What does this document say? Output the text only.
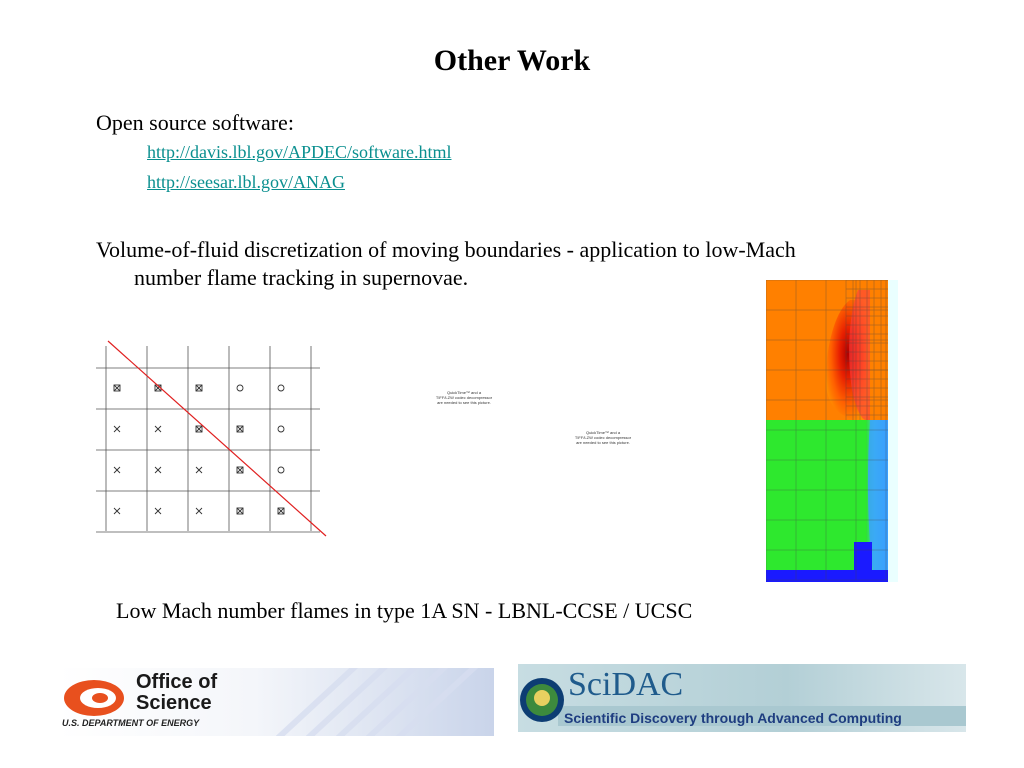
Other Work
Open source software:
http://davis.lbl.gov/APDEC/software.html
http://seesar.lbl.gov/ANAG
Volume-of-fluid discretization of moving boundaries - application to low-Mach
number flame tracking in supernovae.
QuickTime™ and a
TIFF/LZW codec decompressor
are needed to see this picture.
QuickTime™ and a
TIFF/LZW codec decompressor
are needed to see this picture.
Low Mach number flames in type 1A SN - LBNL-CCSE / UCSC
Office of
Science
U.S. DEPARTMENT OF ENERGY
SciDAC
Scientific Discovery through Advanced Computing
